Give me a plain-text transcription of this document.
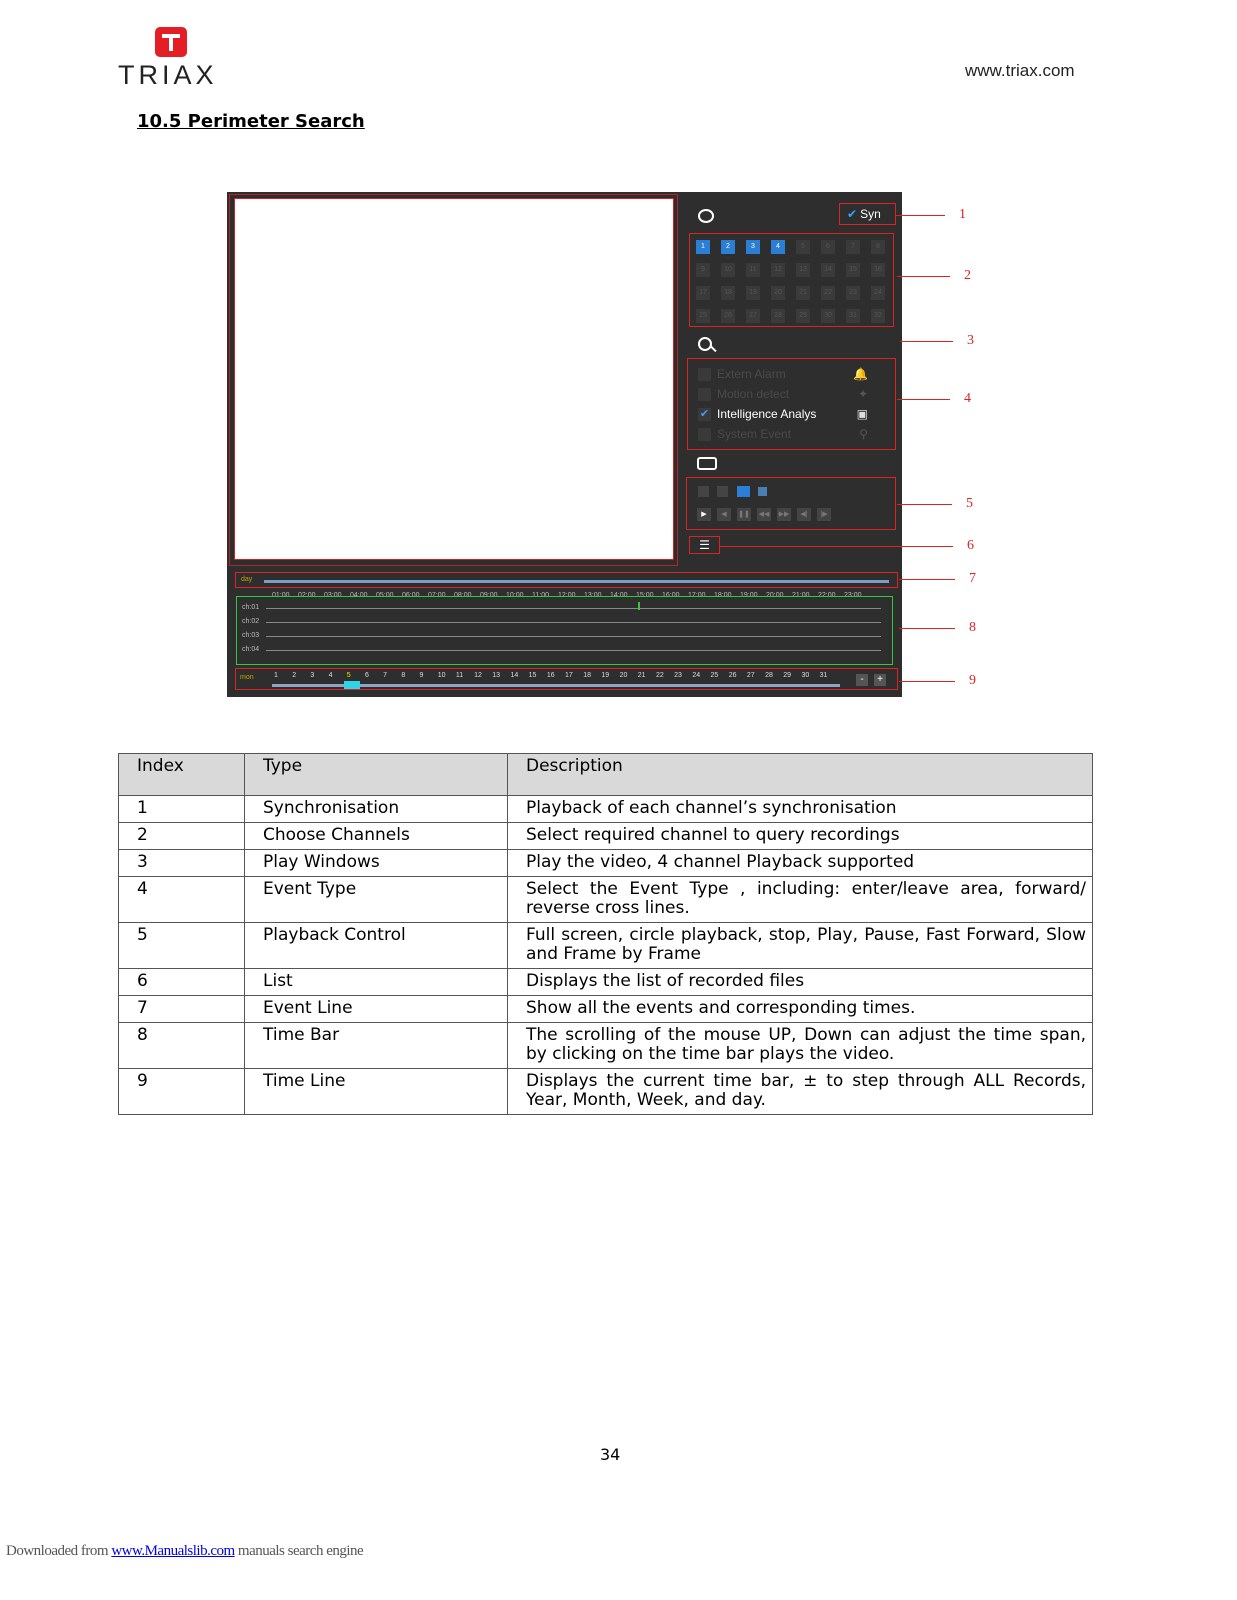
TRIAX	www.triax.com
10.5 Perimeter Search
✔ Syn
1	2	3	4	5	6	7	8
9	10	11	12	13	14	15	16
17	18	19	20	21	22	23	24
25	26	27	28	29	30	31	32
Extern Alarm	🔔
Motion detect	✦
✔ Intelligence Analys	▣
System Event	⚲
▶	◀	❚❚ ◀◀ ▶▶	◀|	|▶
☰
day
01:00 02:00 03:00 04:00 05:00 06:00 07:00 08:00 09:00 10:00 11:00 12:00 13:00 14:00 15:00 16:00 17:00 18:00 19:00 20:00 21:00 22:00 23:00
ch:01
ch:02
ch:03
ch:04
mon	1 2 3 4 5 6 7 8 9 10 11 12 13 14 15 16 17 18 19 20 21 22 23 24 25 26 27 28 29 30 31	-	+
1
2
3
4
5
6
7
8
9
Index	Type	Description
1	Synchronisation	Playback of each channel’s synchronisation
2	Choose Channels	Select required channel to query recordings
3	Play Windows	Play the video, 4 channel Playback supported
4	Event Type	Select the Event Type , including: enter/leave area, forward/ reverse cross lines.
5	Playback Control	Full screen, circle playback, stop, Play, Pause, Fast Forward, Slow and Frame by Frame
6	List	Displays the list of recorded files
7	Event Line	Show all the events and corresponding times.
8	Time Bar	The scrolling of the mouse UP, Down can adjust the time span, by clicking on the time bar plays the video.
9	Time Line	Displays the current time bar, ± to step through ALL Records, Year, Month, Week, and day.
34
Downloaded from www.Manualslib.com manuals search engine
